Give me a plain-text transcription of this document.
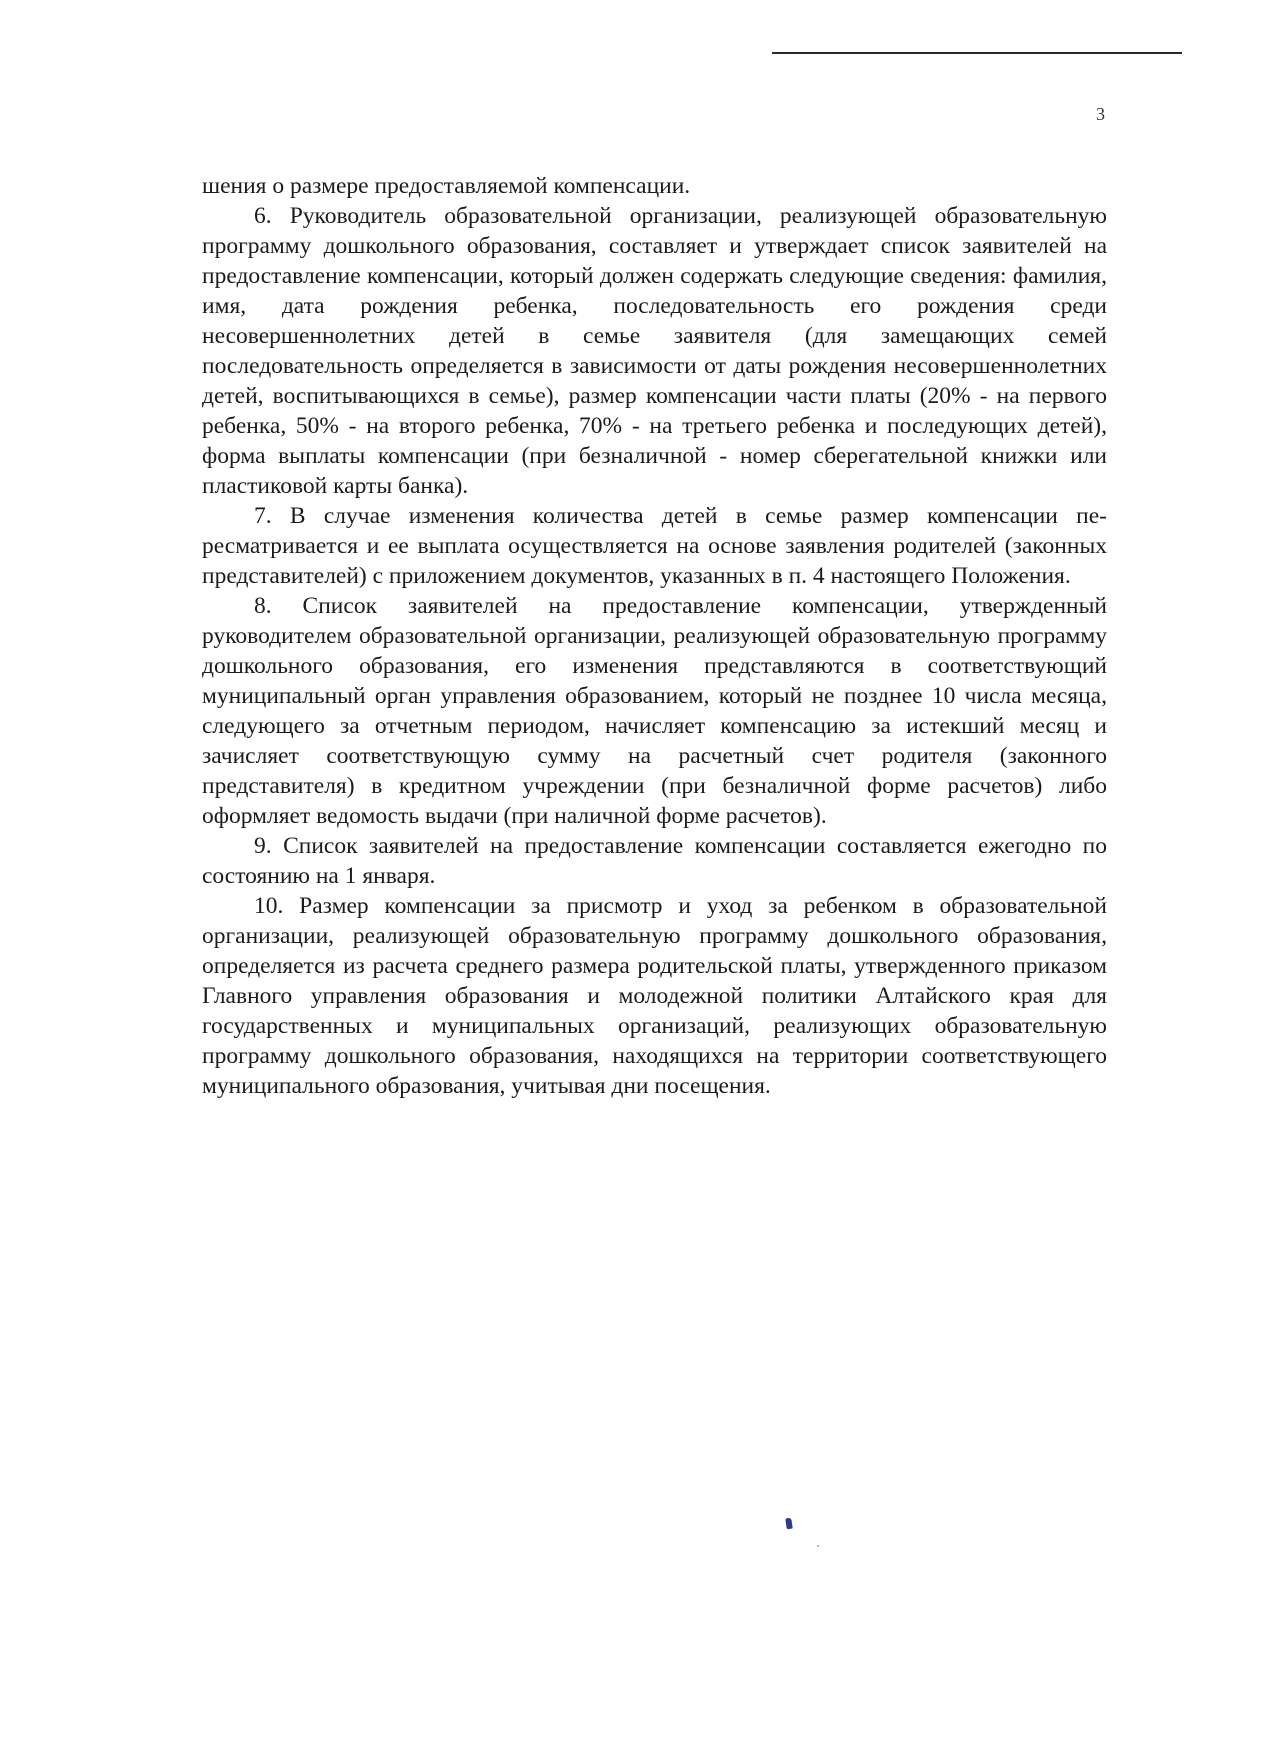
3

шения о размере предоставляемой компенсации.

6. Руководитель образовательной организации, реализующей образовательную программу дошкольного образования, составляет и утверждает список заявителей на предоставление компенсации, который должен содержать следующие сведения: фамилия, имя, дата рождения ребенка, последовательность его рождения среди несовершеннолетних детей в семье заявителя (для замещающих семей последовательность определяется в зависимости от даты рождения несовершеннолетних детей, воспитывающихся в семье), размер компенсации части платы (20% - на первого ребенка, 50% - на второго ребенка, 70% - на третьего ребенка и последующих детей), форма выплаты компенсации (при безналичной - номер сберегательной книжки или пластиковой карты банка).

7. В случае изменения количества детей в семье размер компенсации пересматривается и ее выплата осуществляется на основе заявления родителей (законных представителей) с приложением документов, указанных в п. 4 настоящего Положения.

8. Список заявителей на предоставление компенсации, утвержденный руководителем образовательной организации, реализующей образовательную программу дошкольного образования, его изменения представляются в соответствующий муниципальный орган управления образованием, который не позднее 10 числа месяца, следующего за отчетным периодом, начисляет компенсацию за истекший месяц и зачисляет соответствующую сумму на расчетный счет родителя (законного представителя) в кредитном учреждении (при безналичной форме расчетов) либо оформляет ведомость выдачи (при наличной форме расчетов).

9. Список заявителей на предоставление компенсации составляется ежегодно по состоянию на 1 января.

10. Размер компенсации за присмотр и уход за ребенком в образовательной организации, реализующей образовательную программу дошкольного образования, определяется из расчета среднего размера родительской платы, утвержденного приказом Главного управления образования и молодежной политики Алтайского края для государственных и муниципальных организаций, реализующих образовательную программу дошкольного образования, находящихся на территории соответствующего муниципального образования, учитывая дни посещения.
